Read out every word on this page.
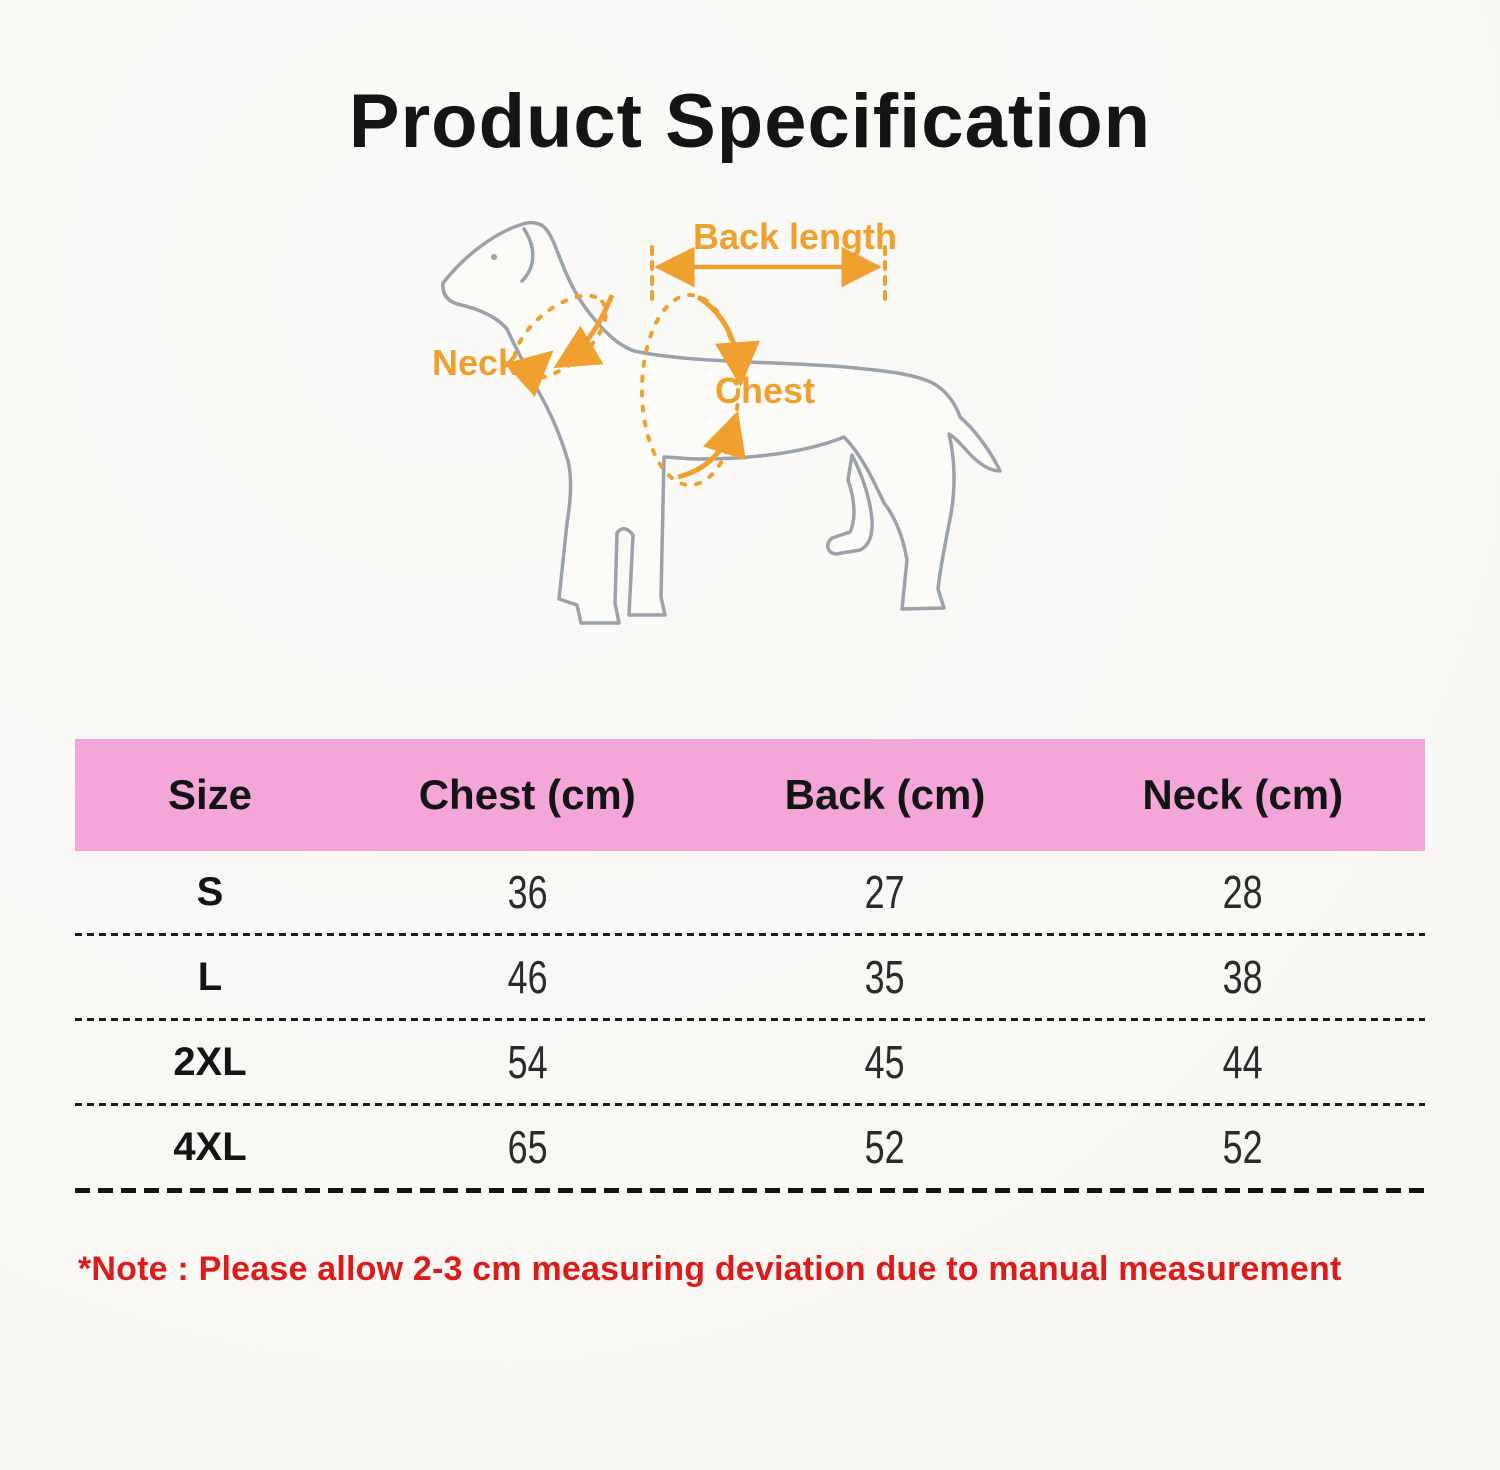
Product Specification
Back length
Neck
Chest
Size	Chest (cm)	Back (cm)	Neck (cm)
S	36	27	28
L	46	35	38
2XL	54	45	44
4XL	65	52	52
*Note : Please allow 2-3 cm measuring deviation due to manual measurement
